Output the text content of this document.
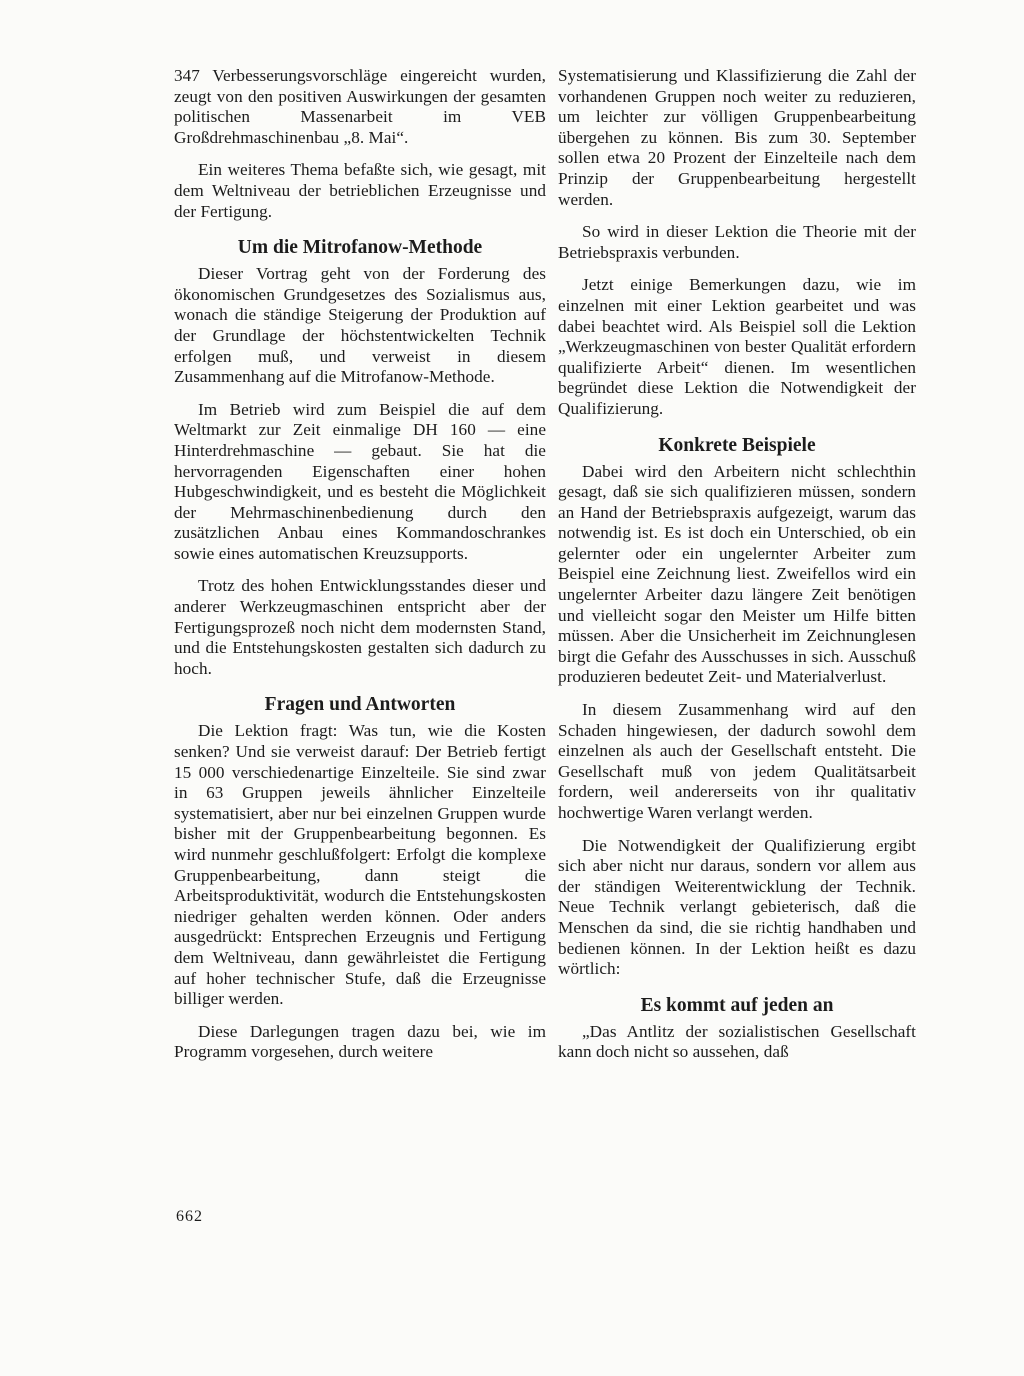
347 Verbesserungsvorschläge eingereicht wurden, zeugt von den positiven Auswirkungen der gesamten politischen Massenarbeit im VEB Großdrehmaschinenbau „8. Mai“.

Ein weiteres Thema befaßte sich, wie gesagt, mit dem Weltniveau der betrieblichen Erzeugnisse und der Fertigung.

Um die Mitrofanow-Methode

Dieser Vortrag geht von der Forderung des ökonomischen Grundgesetzes des Sozialismus aus, wonach die ständige Steigerung der Produktion auf der Grundlage der höchstentwickelten Technik erfolgen muß, und verweist in diesem Zusammenhang auf die Mitrofanow-Methode.

Im Betrieb wird zum Beispiel die auf dem Weltmarkt zur Zeit einmalige DH 160 — eine Hinterdrehmaschine — gebaut. Sie hat die hervorragenden Eigenschaften einer hohen Hubgeschwindigkeit, und es besteht die Möglichkeit der Mehrmaschinenbedienung durch den zusätzlichen Anbau eines Kommandoschrankes sowie eines automatischen Kreuzsupports.

Trotz des hohen Entwicklungsstandes dieser und anderer Werkzeugmaschinen entspricht aber der Fertigungsprozeß noch nicht dem modernsten Stand, und die Entstehungskosten gestalten sich dadurch zu hoch.

Fragen und Antworten

Die Lektion fragt: Was tun, wie die Kosten senken? Und sie verweist darauf: Der Betrieb fertigt 15 000 verschiedenartige Einzelteile. Sie sind zwar in 63 Gruppen jeweils ähnlicher Einzelteile systematisiert, aber nur bei einzelnen Gruppen wurde bisher mit der Gruppenbearbeitung begonnen. Es wird nunmehr geschlußfolgert: Erfolgt die komplexe Gruppenbearbeitung, dann steigt die Arbeitsproduktivität, wodurch die Entstehungskosten niedriger gehalten werden können. Oder anders ausgedrückt: Entsprechen Erzeugnis und Fertigung dem Weltniveau, dann gewährleistet die Fertigung auf hoher technischer Stufe, daß die Erzeugnisse billiger werden.

Diese Darlegungen tragen dazu bei, wie im Programm vorgesehen, durch weitere

Systematisierung und Klassifizierung die Zahl der vorhandenen Gruppen noch weiter zu reduzieren, um leichter zur völligen Gruppenbearbeitung übergehen zu können. Bis zum 30. September sollen etwa 20 Prozent der Einzelteile nach dem Prinzip der Gruppenbearbeitung hergestellt werden.

So wird in dieser Lektion die Theorie mit der Betriebspraxis verbunden.

Jetzt einige Bemerkungen dazu, wie im einzelnen mit einer Lektion gearbeitet und was dabei beachtet wird. Als Beispiel soll die Lektion „Werkzeugmaschinen von bester Qualität erfordern qualifizierte Arbeit“ dienen. Im wesentlichen begründet diese Lektion die Notwendigkeit der Qualifizierung.

Konkrete Beispiele

Dabei wird den Arbeitern nicht schlechthin gesagt, daß sie sich qualifizieren müssen, sondern an Hand der Betriebspraxis aufgezeigt, warum das notwendig ist. Es ist doch ein Unterschied, ob ein gelernter oder ein ungelernter Arbeiter zum Beispiel eine Zeichnung liest. Zweifellos wird ein ungelernter Arbeiter dazu längere Zeit benötigen und vielleicht sogar den Meister um Hilfe bitten müssen. Aber die Unsicherheit im Zeichnunglesen birgt die Gefahr des Ausschusses in sich. Ausschuß produzieren bedeutet Zeit- und Materialverlust.

In diesem Zusammenhang wird auf den Schaden hingewiesen, der dadurch sowohl dem einzelnen als auch der Gesellschaft entsteht. Die Gesellschaft muß von jedem Qualitätsarbeit fordern, weil andererseits von ihr qualitativ hochwertige Waren verlangt werden.

Die Notwendigkeit der Qualifizierung ergibt sich aber nicht nur daraus, sondern vor allem aus der ständigen Weiterentwicklung der Technik. Neue Technik verlangt gebieterisch, daß die Menschen da sind, die sie richtig handhaben und bedienen können. In der Lektion heißt es dazu wörtlich:

Es kommt auf jeden an

„Das Antlitz der sozialistischen Gesellschaft kann doch nicht so aussehen, daß

662
